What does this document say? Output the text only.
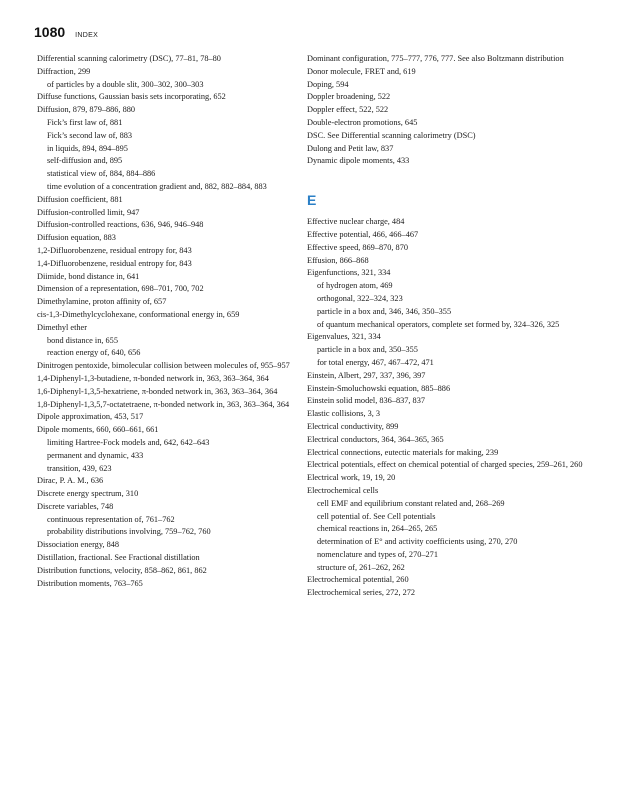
1080 INDEX
Differential scanning calorimetry (DSC), 77–81, 78–80
Diffraction, 299
of particles by a double slit, 300–302, 300–303
Diffuse functions, Gaussian basis sets incorporating, 652
Diffusion, 879, 879–886, 880
Fick’s first law of, 881
Fick’s second law of, 883
in liquids, 894, 894–895
self-diffusion and, 895
statistical view of, 884, 884–886
time evolution of a concentration gradient and, 882, 882–884, 883
Diffusion coefficient, 881
Diffusion-controlled limit, 947
Diffusion-controlled reactions, 636, 946, 946–948
Diffusion equation, 883
1,2-Difluorobenzene, residual entropy for, 843
1,4-Difluorobenzene, residual entropy for, 843
Diimide, bond distance in, 641
Dimension of a representation, 698–701, 700, 702
Dimethylamine, proton affinity of, 657
cis-1,3-Dimethylcyclohexane, conformational energy in, 659
Dimethyl ether
bond distance in, 655
reaction energy of, 640, 656
Dinitrogen pentoxide, bimolecular collision between molecules of, 955–957
1,4-Diphenyl-1,3-butadiene, π-bonded network in, 363, 363–364, 364
1,6-Diphenyl-1,3,5-hexatriene, π-bonded network in, 363, 363–364, 364
1,8-Diphenyl-1,3,5,7-octatetraene, π-bonded network in, 363, 363–364, 364
Dipole approximation, 453, 517
Dipole moments, 660, 660–661, 661
limiting Hartree-Fock models and, 642, 642–643
permanent and dynamic, 433
transition, 439, 623
Dirac, P. A. M., 636
Discrete energy spectrum, 310
Discrete variables, 748
continuous representation of, 761–762
probability distributions involving, 759–762, 760
Dissociation energy, 848
Distillation, fractional. See Fractional distillation
Distribution functions, velocity, 858–862, 861, 862
Distribution moments, 763–765
Dominant configuration, 775–777, 776, 777. See also Boltzmann distribution
Donor molecule, FRET and, 619
Doping, 594
Doppler broadening, 522
Doppler effect, 522, 522
Double-electron promotions, 645
DSC. See Differential scanning calorimetry (DSC)
Dulong and Petit law, 837
Dynamic dipole moments, 433
E
Effective nuclear charge, 484
Effective potential, 466, 466–467
Effective speed, 869–870, 870
Effusion, 866–868
Eigenfunctions, 321, 334
of hydrogen atom, 469
orthogonal, 322–324, 323
particle in a box and, 346, 346, 350–355
of quantum mechanical operators, complete set formed by, 324–326, 325
Eigenvalues, 321, 334
particle in a box and, 350–355
for total energy, 467, 467–472, 471
Einstein, Albert, 297, 337, 396, 397
Einstein-Smoluchowski equation, 885–886
Einstein solid model, 836–837, 837
Elastic collisions, 3, 3
Electrical conductivity, 899
Electrical conductors, 364, 364–365, 365
Electrical connections, eutectic materials for making, 239
Electrical potentials, effect on chemical potential of charged species, 259–261, 260
Electrical work, 19, 19, 20
Electrochemical cells
cell EMF and equilibrium constant related and, 268–269
cell potential of. See Cell potentials
chemical reactions in, 264–265, 265
determination of E° and activity coefficients using, 270, 270
nomenclature and types of, 270–271
structure of, 261–262, 262
Electrochemical potential, 260
Electrochemical series, 272, 272
